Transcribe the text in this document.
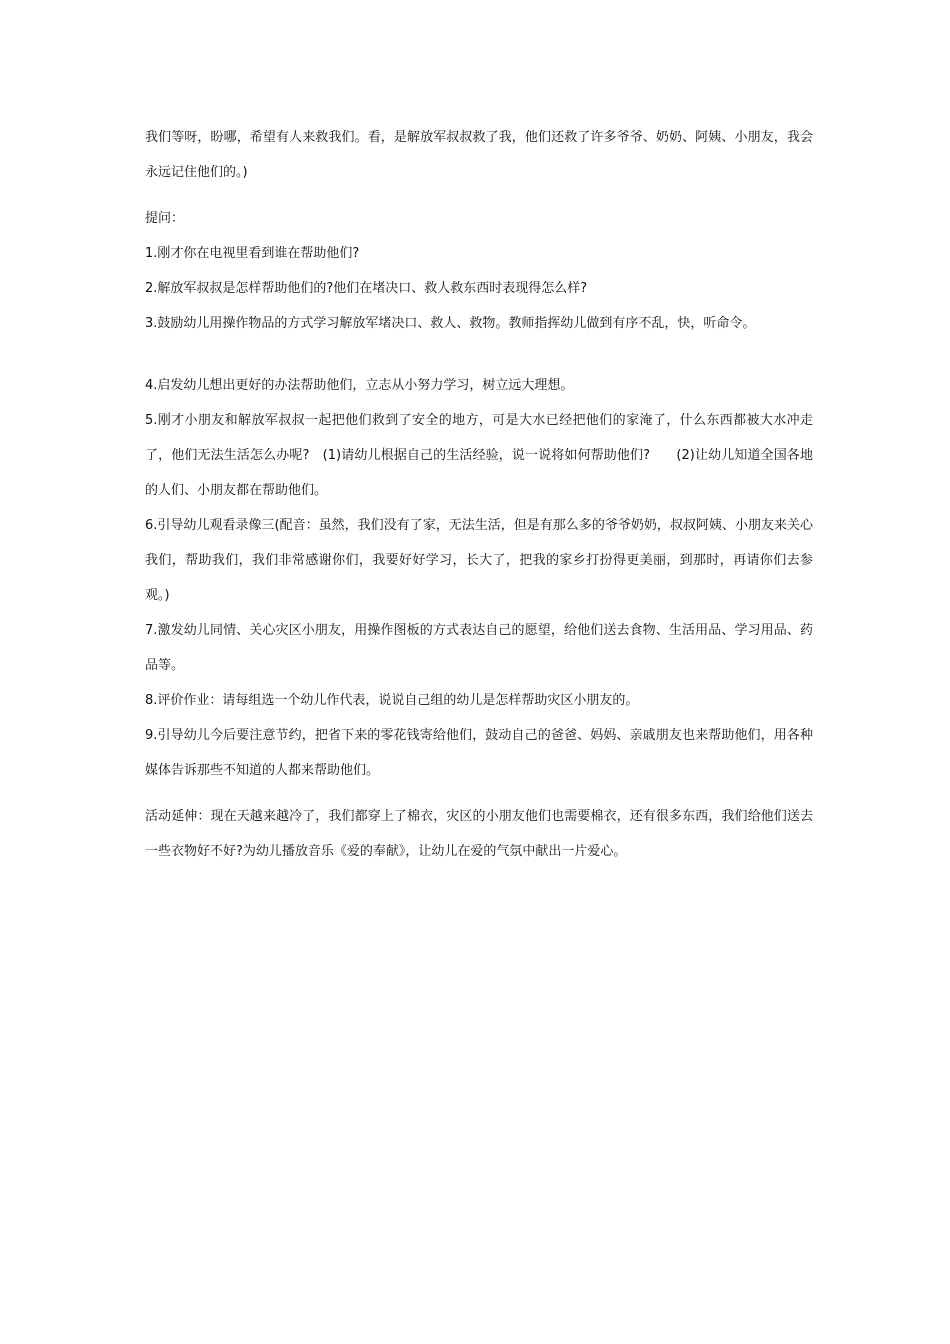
我们等呀，盼哪，希望有人来救我们。看，是解放军叔叔救了我，他们还救了许多爷爷、奶奶、阿姨、小朋友，我会永远记住他们的。)

提问：

1.刚才你在电视里看到谁在帮助他们?

2.解放军叔叔是怎样帮助他们的?他们在堵决口、救人救东西时表现得怎么样?

3.鼓励幼儿用操作物品的方式学习解放军堵决口、救人、救物。教师指挥幼儿做到有序不乱，快，听命令。

4.启发幼儿想出更好的办法帮助他们，立志从小努力学习，树立远大理想。

5.刚才小朋友和解放军叔叔一起把他们救到了安全的地方，可是大水已经把他们的家淹了，什么东西都被大水冲走了，他们无法生活怎么办呢?　(1)请幼儿根据自己的生活经验，说一说将如何帮助他们?　　(2)让幼儿知道全国各地的人们、小朋友都在帮助他们。

6.引导幼儿观看录像三(配音：虽然，我们没有了家，无法生活，但是有那么多的爷爷奶奶，叔叔阿姨、小朋友来关心我们，帮助我们，我们非常感谢你们，我要好好学习，长大了，把我的家乡打扮得更美丽，到那时，再请你们去参观。)

7.激发幼儿同情、关心灾区小朋友，用操作图板的方式表达自己的愿望，给他们送去食物、生活用品、学习用品、药品等。

8.评价作业：请每组选一个幼儿作代表，说说自己组的幼儿是怎样帮助灾区小朋友的。

9.引导幼儿今后要注意节约，把省下来的零花钱寄给他们，鼓动自己的爸爸、妈妈、亲戚朋友也来帮助他们，用各种媒体告诉那些不知道的人都来帮助他们。

活动延伸：现在天越来越冷了，我们都穿上了棉衣，灾区的小朋友他们也需要棉衣，还有很多东西，我们给他们送去一些衣物好不好?为幼儿播放音乐《爱的奉献》，让幼儿在爱的气氛中献出一片爱心。
